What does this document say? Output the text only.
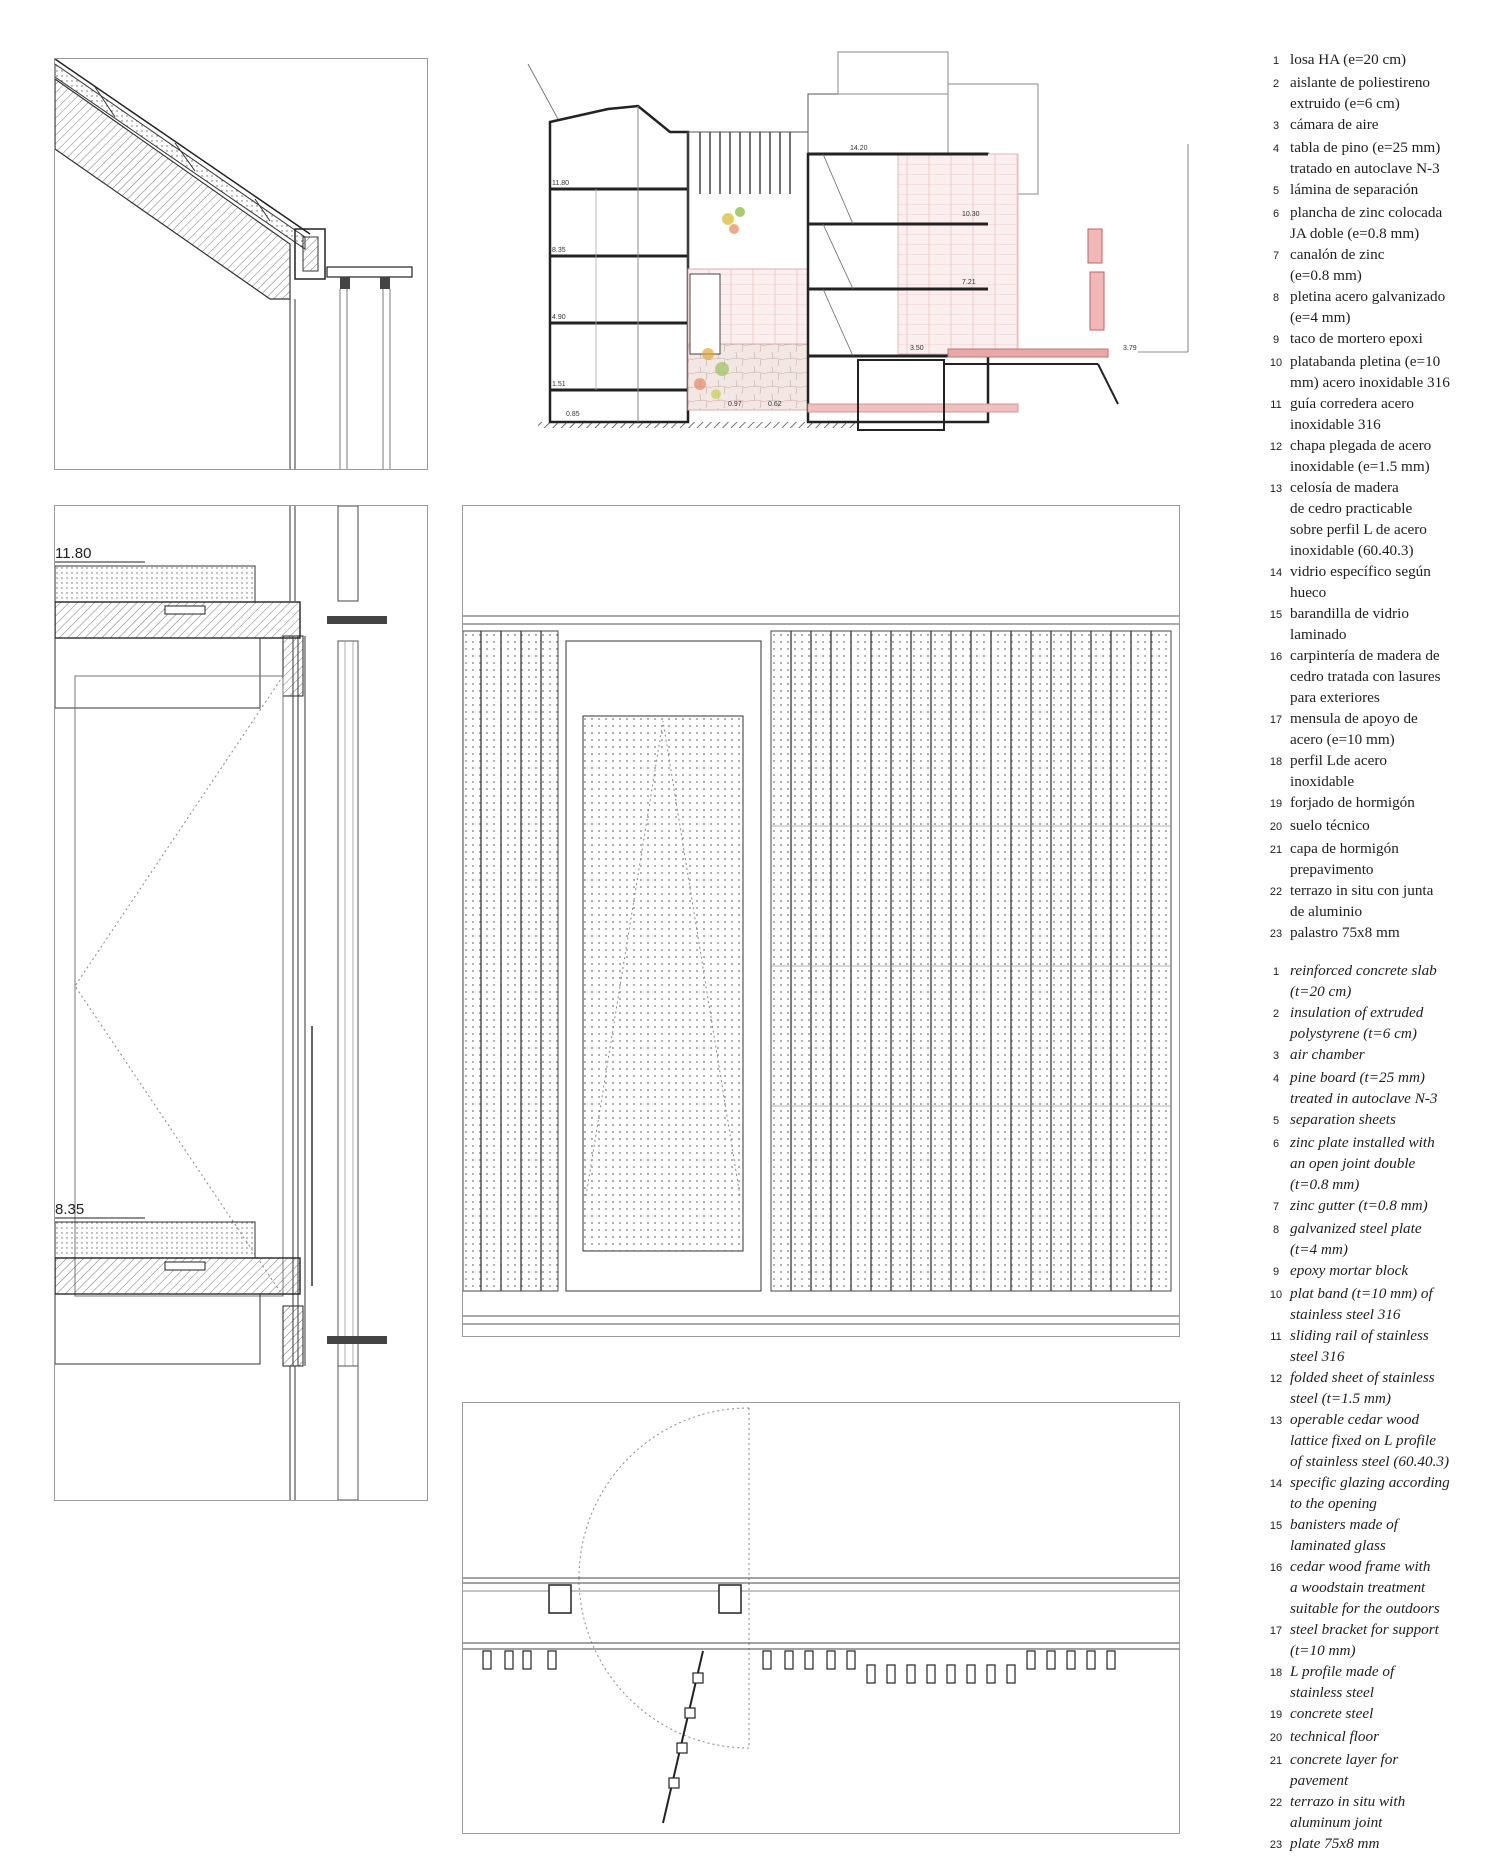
14.20
11.80
10.30
8.35
7.21
4.90
3.50	3.79
1.51
0.97
0.85
0.62
11.80
8.35
1 losa HA (e=20 cm)
2 aislante de poliestireno
extruido (e=6 cm)
3 cámara de aire
4 tabla de pino (e=25 mm)
tratado en autoclave N-3
5 lámina de separación
6 plancha de zinc colocada
JA doble (e=0.8 mm)
7 canalón de zinc
(e=0.8 mm)
8 pletina acero galvanizado
(e=4 mm)
9 taco de mortero epoxi
10 platabanda pletina (e=10
mm) acero inoxidable 316
11 guía corredera acero
inoxidable 316
12 chapa plegada de acero
inoxidable (e=1.5 mm)
13 celosía de madera
de cedro practicable
sobre perfil L de acero
inoxidable (60.40.3)
14 vidrio específico según
hueco
15 barandilla de vidrio
laminado
16 carpintería de madera de
cedro tratada con lasures
para exteriores
17 mensula de apoyo de
acero (e=10 mm)
18 perfil Lde acero
inoxidable
19 forjado de hormigón
20 suelo técnico
21 capa de hormigón
prepavimento
22 terrazo in situ con junta
de aluminio
23 palastro 75x8 mm
1 reinforced concrete slab
(t=20 cm)
2 insulation of extruded
polystyrene (t=6 cm)
3 air chamber
4 pine board (t=25 mm)
treated in autoclave N-3
5 separation sheets
6 zinc plate installed with
an open joint double
(t=0.8 mm)
7 zinc gutter (t=0.8 mm)
8 galvanized steel plate
(t=4 mm)
9 epoxy mortar block
10 plat band (t=10 mm) of
stainless steel 316
11 sliding rail of stainless
steel 316
12 folded sheet of stainless
steel (t=1.5 mm)
13 operable cedar wood
lattice fixed on L profile
of stainless steel (60.40.3)
14 specific glazing according
to the opening
15 banisters made of
laminated glass
16 cedar wood frame with
a woodstain treatment
suitable for the outdoors
17 steel bracket for support
(t=10 mm)
18 L profile made of
stainless steel
19 concrete steel
20 technical floor
21 concrete layer for
pavement
22 terrazo in situ with
aluminum joint
23 plate 75x8 mm
